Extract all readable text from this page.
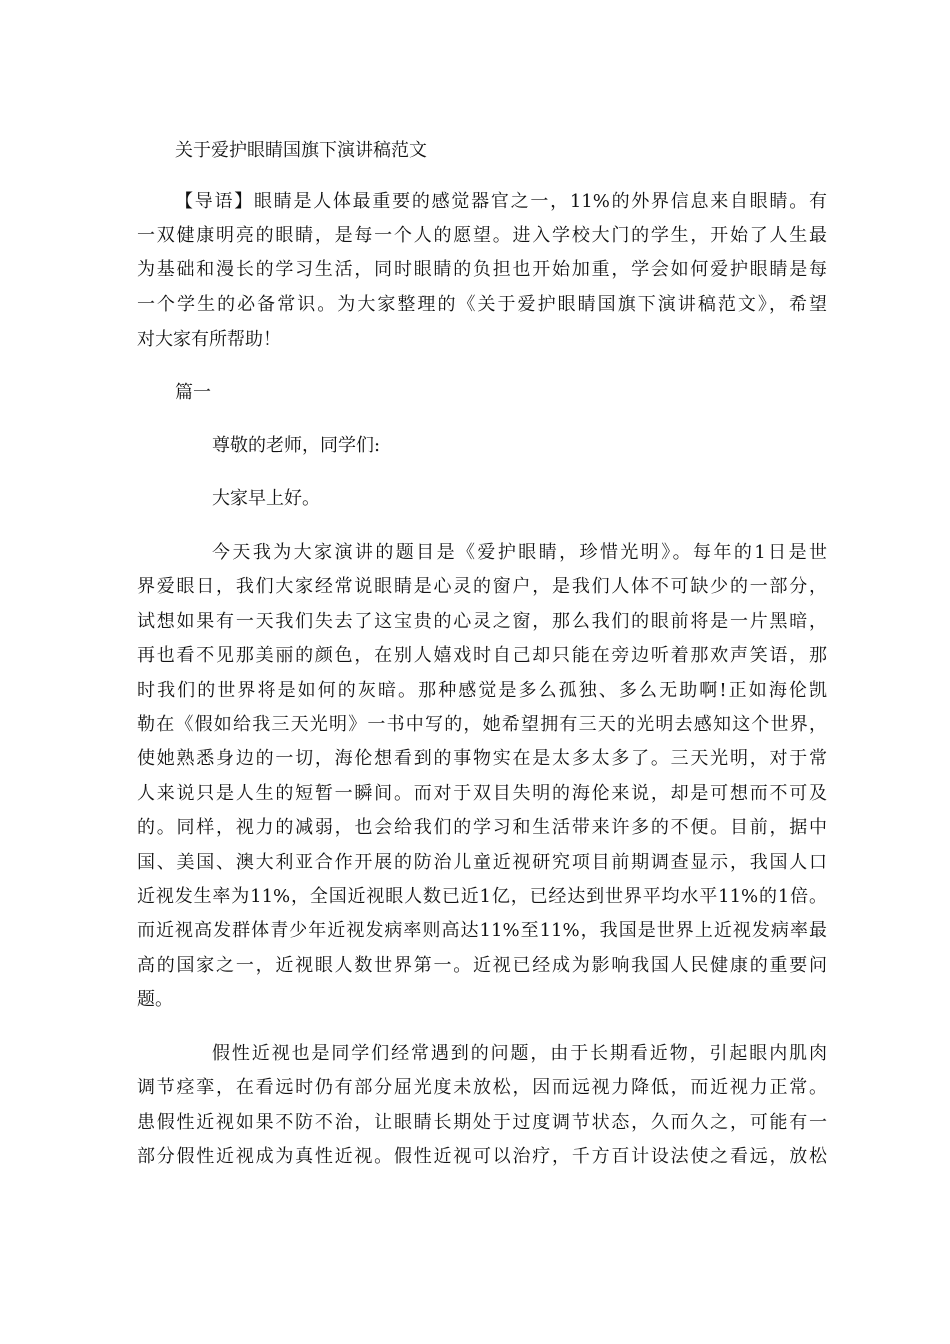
关于爱护眼睛国旗下演讲稿范文
【导语】眼睛是人体最重要的感觉器官之一，11%的外界信息来自眼睛。有
一双健康明亮的眼睛，是每一个人的愿望。进入学校大门的学生，开始了人生最
为基础和漫长的学习生活，同时眼睛的负担也开始加重，学会如何爱护眼睛是每
一个学生的必备常识。为大家整理的《关于爱护眼睛国旗下演讲稿范文》，希望
对大家有所帮助！
篇一
尊敬的老师，同学们:
大家早上好。
今天我为大家演讲的题目是《爱护眼睛，珍惜光明》。每年的1日是世
界爱眼日，我们大家经常说眼睛是心灵的窗户，是我们人体不可缺少的一部分，
试想如果有一天我们失去了这宝贵的心灵之窗，那么我们的眼前将是一片黑暗，
再也看不见那美丽的颜色，在别人嬉戏时自己却只能在旁边听着那欢声笑语，那
时我们的世界将是如何的灰暗。那种感觉是多么孤独、多么无助啊!正如海伦凯
勒在《假如给我三天光明》一书中写的，她希望拥有三天的光明去感知这个世界，
使她熟悉身边的一切，海伦想看到的事物实在是太多太多了。三天光明，对于常
人来说只是人生的短暂一瞬间。而对于双目失明的海伦来说，却是可想而不可及
的。同样，视力的减弱，也会给我们的学习和生活带来许多的不便。目前，据中
国、美国、澳大利亚合作开展的防治儿童近视研究项目前期调查显示，我国人口
近视发生率为11%，全国近视眼人数已近1亿，已经达到世界平均水平11%的1倍。
而近视高发群体青少年近视发病率则高达11%至11%，我国是世界上近视发病率最
高的国家之一，近视眼人数世界第一。近视已经成为影响我国人民健康的重要问
题。
假性近视也是同学们经常遇到的问题，由于长期看近物，引起眼内肌肉
调节痉挛，在看远时仍有部分屈光度未放松，因而远视力降低，而近视力正常。
患假性近视如果不防不治，让眼睛长期处于过度调节状态，久而久之，可能有一
部分假性近视成为真性近视。假性近视可以治疗，千方百计设法使之看远，放松
